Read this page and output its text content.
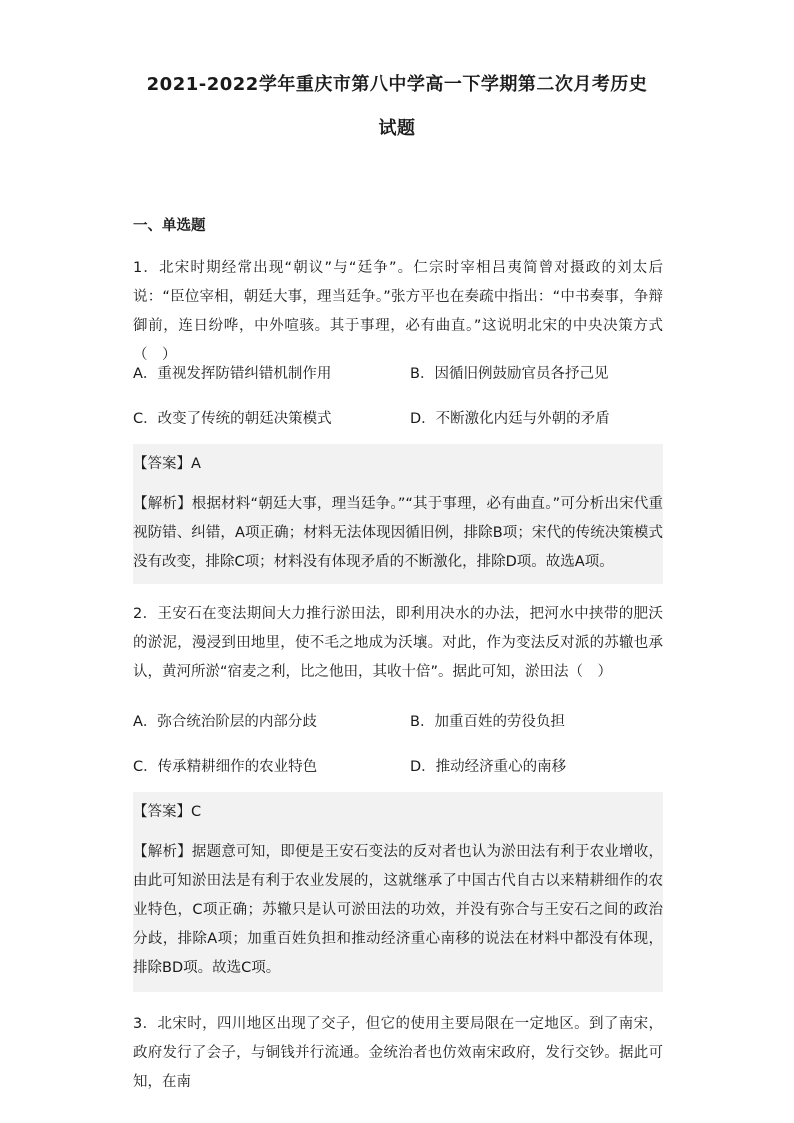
2021-2022学年重庆市第八中学高一下学期第二次月考历史
试题
一、单选题
1．北宋时期经常出现“朝议”与“廷争”。仁宗时宰相吕夷简曾对摄政的刘太后说：“臣位宰相，朝廷大事，理当廷争。”张方平也在奏疏中指出：“中书奏事，争辩御前，连日纷哗，中外喧骇。其于事理，必有曲直。”这说明北宋的中央决策方式（　）
A．重视发挥防错纠错机制作用	B．因循旧例鼓励官员各抒己见
C．改变了传统的朝廷决策模式	D．不断激化内廷与外朝的矛盾
【答案】A
【解析】根据材料“朝廷大事，理当廷争。”“其于事理，必有曲直。”可分析出宋代重视防错、纠错，A项正确；材料无法体现因循旧例，排除B项；宋代的传统决策模式没有改变，排除C项；材料没有体现矛盾的不断激化，排除D项。故选A项。
2．王安石在变法期间大力推行淤田法，即利用决水的办法，把河水中挟带的肥沃的淤泥，漫浸到田地里，使不毛之地成为沃壤。对此，作为变法反对派的苏辙也承认，黄河所淤“宿麦之利，比之他田，其收十倍”。据此可知，淤田法（　）
A．弥合统治阶层的内部分歧	B．加重百姓的劳役负担
C．传承精耕细作的农业特色	D．推动经济重心的南移
【答案】C
【解析】据题意可知，即便是王安石变法的反对者也认为淤田法有利于农业增收，由此可知淤田法是有利于农业发展的，这就继承了中国古代自古以来精耕细作的农业特色，C项正确；苏辙只是认可淤田法的功效，并没有弥合与王安石之间的政治分歧，排除A项；加重百姓负担和推动经济重心南移的说法在材料中都没有体现，排除BD项。故选C项。
3．北宋时，四川地区出现了交子，但它的使用主要局限在一定地区。到了南宋，政府发行了会子，与铜钱并行流通。金统治者也仿效南宋政府，发行交钞。据此可知，在南
